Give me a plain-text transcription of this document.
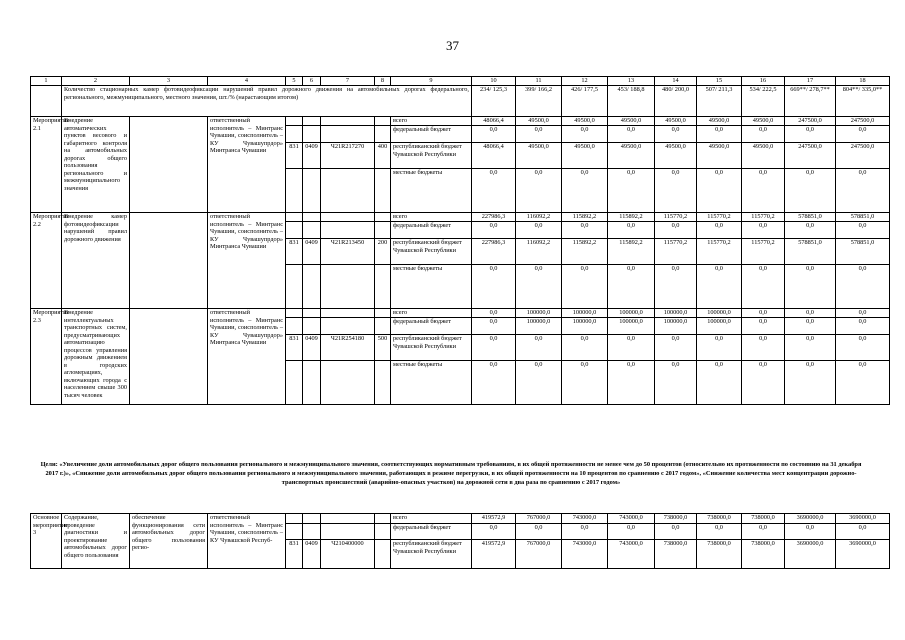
37
1	2	3	4	5	6	7	8	9	10	11	12	13	14	15	16	17	18
	Количество стационарных камер фотовидеофиксации нарушений правил дорожного движения на автомобильных дорогах федерального, регионального, межмуниципального, местного значения, шт./% (нарастающим итогом)								234/ 125,3	399/ 166,2	426/ 177,5	453/ 188,8	480/ 200,0	507/ 211,3	534/ 222,5	669**/ 278,7**	804**/ 335,0**
Мероприятие 2.1	Внедрение автоматических пунктов весового и габаритного контроля на автомобильных дорогах общего пользования регионального и межмуниципального значения		ответственный исполнитель – Минтранс Чувашии, соисполнитель – КУ Чувашупрдор» Минтранса Чувашии					всего	48066,4	49500,0	49500,0	49500,0	49500,0	49500,0	49500,0	247500,0	247500,0
								федеральный бюджет	0,0	0,0	0,0	0,0	0,0	0,0	0,0	0,0	0,0
				831	0409	Ч21R217270	400	республиканский бюджет Чувашской Республики	48066,4	49500,0	49500,0	49500,0	49500,0	49500,0	49500,0	247500,0	247500,0
								местные бюджеты	0,0	0,0	0,0	0,0	0,0	0,0	0,0	0,0	0,0
Мероприятие 2.2	Внедрение камер фотовидеофиксации нарушений правил дорожного движения		ответственный исполнитель – Минтранс Чувашии, соисполнитель – КУ Чувашупрдор» Минтранса Чувашии					всего	227986,3	116092,2	115892,2	115892,2	115770,2	115770,2	115770,2	578851,0	578851,0
								федеральный бюджет	0,0	0,0	0,0	0,0	0,0	0,0	0,0	0,0	0,0
				831	0409	Ч21R213450	200	республиканский бюджет Чувашской Республики	227986,3	116092,2	115892,2	115892,2	115770,2	115770,2	115770,2	578851,0	578851,0
								местные бюджеты	0,0	0,0	0,0	0,0	0,0	0,0	0,0	0,0	0,0
Мероприятие 2.3	Внедрение интеллектуальных транспортных систем, предусматривающих автоматизацию процессов управления дорожным движением в городских агломерациях, включающих города с населением свыше 300 тысяч человек		ответственный исполнитель – Минтранс Чувашии, соисполнитель – КУ Чувашупрдор» Минтранса Чувашии					всего	0,0	100000,0	100000,0	100000,0	100000,0	100000,0	0,0	0,0	0,0
								федеральный бюджет	0,0	100000,0	100000,0	100000,0	100000,0	100000,0	0,0	0,0	0,0
				831	0409	Ч21R254180	500	республиканский бюджет Чувашской Республики	0,0	0,0	0,0	0,0	0,0	0,0	0,0	0,0	0,0
								местные бюджеты	0,0	0,0	0,0	0,0	0,0	0,0	0,0	0,0	0,0
Цели: «Увеличение доли автомобильных дорог общего пользования регионального и межмуниципального значения, соответствующих нормативным требованиям, в их общей протяженности не менее чем до 50 процентов (относительно их протяженности по состоянию на 31 декабря 2017 г.)», «Снижение доли автомобильных дорог общего пользования регионального и межмуниципального значения, работающих в режиме перегрузки, в их общей протяженности на 10 процентов по сравнению с 2017 годом», «Снижение количества мест концентрации дорожно-транспортных происшествий (аварийно-опасных участков) на дорожной сети в два раза по сравнению с 2017 годом»
Основное мероприятие 3	Содержание, проведение диагностики и проектирование автомобильных дорог общего пользования	обеспечение функционирования сети автомобильных дорог общего пользования регио-	ответственный исполнитель – Минтранс Чувашии, соисполнитель – КУ Чувашской Респуб-					всего	419572,9	767000,0	743000,0	743000,0	738000,0	738000,0	738000,0	3690000,0	3690000,0
								федеральный бюджет	0,0	0,0	0,0	0,0	0,0	0,0	0,0	0,0	0,0
				831	0409	Ч210400000		республиканский бюджет Чувашской Республики	419572,9	767000,0	743000,0	743000,0	738000,0	738000,0	738000,0	3690000,0	3690000,0
